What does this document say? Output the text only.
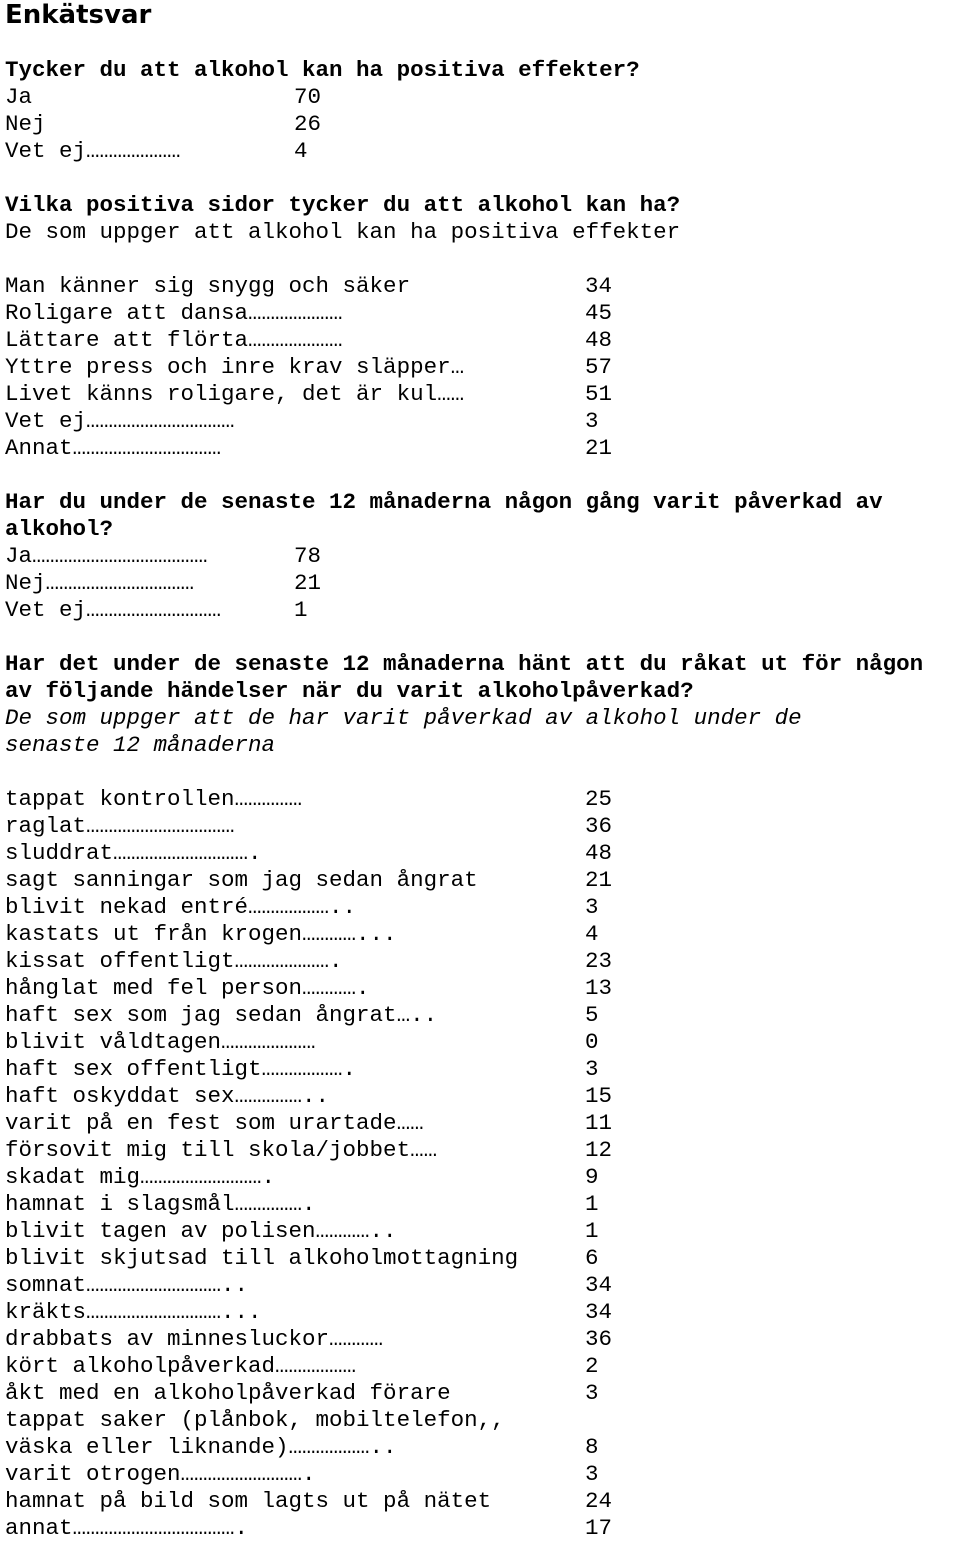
Enkätsvar
Tycker du att alkohol kan ha positiva effekter?
Ja	70
Nej	26
Vet ej…………………	4
Vilka positiva sidor tycker du att alkohol kan ha?
De som uppger att alkohol kan ha positiva effekter
Man känner sig snygg och säker	34
Roligare att dansa…………………	45
Lättare att flörta…………………	48
Yttre press och inre krav släpper…	57
Livet känns roligare, det är kul……	51
Vet ej……………………………	3
Annat……………………………	21
Har du under de senaste 12 månaderna någon gång varit påverkad av alkohol?
Ja…………………………………	78
Nej……………………………	21
Vet ej…………………………	1
Har det under de senaste 12 månaderna hänt att du råkat ut för någon av följande händelser när du varit alkoholpåverkad?
De som uppger att de har varit påverkad av alkohol under de senaste 12 månaderna
tappat kontrollen……………	25
raglat……………………………	36
sluddrat………………………….	48
sagt sanningar som jag sedan ångrat	21
blivit nekad entré………………..	3
kastats ut från krogen…………...	4
kissat offentligt………………….	23
hånglat med fel person………….	13
haft sex som jag sedan ångrat…..	5
blivit våldtagen…………………	0
haft sex offentligt……………….	3
haft oskyddat sex……………..	15
varit på en fest som urartade……	11
försovit mig till skola/jobbet……	12
skadat mig……………………….	9
hamnat i slagsmål…………….	1
blivit tagen av polisen…………..	1
blivit skjutsad till alkoholmottagning	6
somnat…………………………..	34
kräkts…………………………...	34
drabbats av minnesluckor…………	36
kört alkoholpåverkad………………	2
åkt med en alkoholpåverkad förare	3
tappat saker (plånbok, mobiltelefon,,
väska eller liknande)………………..	8
varit otrogen……………………….	3
hamnat på bild som lagts ut på nätet	24
annat……………………………….	17
